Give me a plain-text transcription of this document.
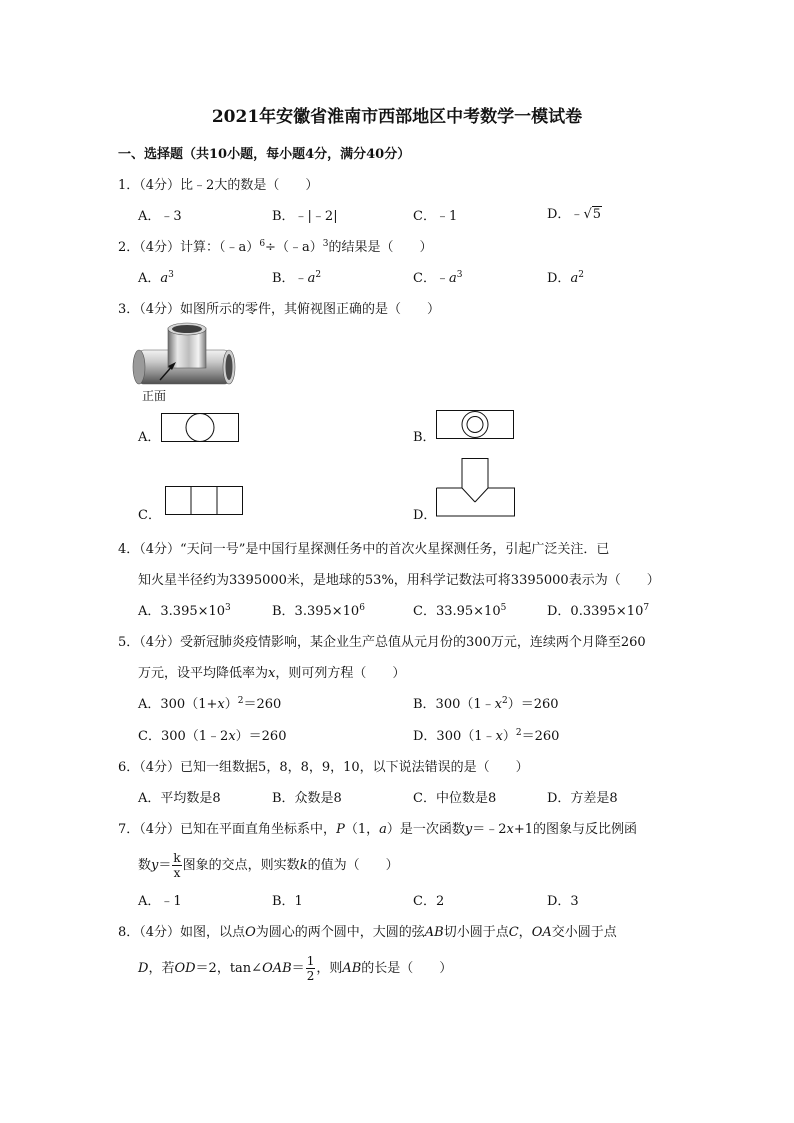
2021年安徽省淮南市西部地区中考数学一模试卷
一、选择题（共10小题，每小题4分，满分40分）
1．（4分）比﹣2大的数是（　　）
A．﹣3	B．﹣|﹣2|	C．﹣1	D．﹣√5
2．（4分）计算：（﹣a）$^6$÷（﹣a）$^3$的结果是（　　）
A．$a^3$	B．$﹣a^2$	C．$﹣a^3$	D．$a^2$
3．（4分）如图所示的零件，其俯视图正确的是（　　）
正面
A．	B．
C．	D．
4．（4分）“天问一号”是中国行星探测任务中的首次火星探测任务，引起广泛关注．已
知火星半径约为3395000米，是地球的53%，用科学记数法可将3395000表示为（　　）
A．$3.395\times 10^3$	B．$3.395\times 10^6$	C．$33.95\times 10^5$	D．$0.3395\times 10^7$
5．（4分）受新冠肺炎疫情影响，某企业生产总值从元月份的300万元，连续两个月降至260
万元，设平均降低率为x，则可列方程（　　）
A．$300(1+x)^2=260$	B．$300(1﹣x^2)=260$
C．300（1﹣2x）＝260	D．300（1﹣x）$^2$＝260
6．（4分）已知一组数据5，8，8，9，10，以下说法错误的是（　　）
A．平均数是8	B．众数是8	C．中位数是8	D．方差是8
7．（4分）已知在平面直角坐标系中，P（1，a）是一次函数y＝﹣2x+1的图象与反比例函
数$y= \frac{k}{x}$ 图象的交点，则实数k的值为（　　）
A．﹣1	B．1	C．2	D．3
8．（4分）如图，以点O为圆心的两个圆中，大圆的弦AB切小圆于点C，OA交小圆于点
D，若OD＝2，tan∠OAB＝ $\frac{1}{2}$ ，则AB的长是（　　）
